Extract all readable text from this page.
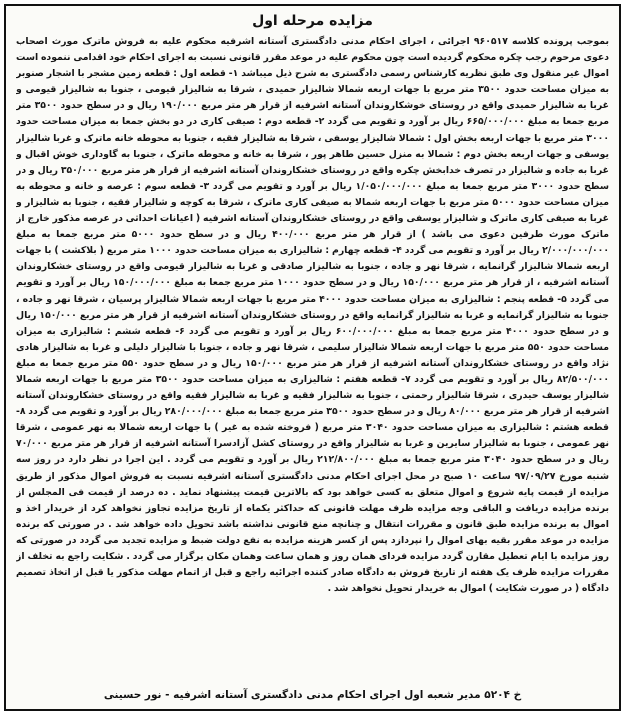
مزایده مرحله اول

بموجب پرونده کلاسه ۹۶۰۵۱۷ اجرائی ، اجرای احکام مدنی دادگستری آستانه اشرفیه محکوم علیه به فروش ماترک مورث اصحاب دعوی مرحوم رجب چکره محکوم گردیده است چون محکوم علیه در موعد مقرر قانونی نسبت به اجرای احکام خود اقدامی ننموده است اموال غیر منقول وی طبق نظریه کارشناس رسمی دادگستری به شرح ذیل میباشد ۱- قطعه اول : قطعه زمین مشجر با اشجار صنوبر به میزان مساحت حدود ۳۵۰۰ متر مربع با جهات اربعه شمالا شالیزار حمیدی ، شرقا به شالیزار قیومی ، جنوبا به شالیزار قیومی و غربا به شالیزار حمیدی واقع در روستای خوشکاروندان آستانه اشرفیه از قرار هر متر مربع ۱۹۰/۰۰۰ ریال و در سطح حدود ۳۵۰۰ متر مربع جمعا به مبلغ ۶۶۵/۰۰۰/۰۰۰ ریال بر آورد و تقویم می گردد ۲- قطعه دوم : صیفی کاری در دو بخش جمعا به میزان مساحت حدود ۳۰۰۰ متر مربع با جهات اربعه بخش اول : شمالا شالیزار یوسفی ، شرقا به شالیزار فقیه ، جنوبا به محوطه خانه ماترک و غربا شالیزار یوسفی و جهات اربعه بخش دوم : شمالا به منزل حسین طاهر پور ، شرقا به خانه و محوطه ماترک ، جنوبا به گاوداری خوش اقبال و غربا به جاده و شالیزار در تصرف خدابخش چکره واقع در روستای خشکاروندان آستانه اشرفیه از قرار هر متر مربع ۳۵۰/۰۰۰ ریال و در سطح حدود ۳۰۰۰ متر مربع جمعا به مبلغ ۱/۰۵۰/۰۰۰/۰۰۰ ریال بر آورد و تقویم می گردد ۳- قطعه سوم : عرصه و خانه و محوطه به میزان مساحت حدود ۵۰۰۰ متر مربع با جهات اربعه شمالا به صیفی کاری ماترک ، شرقا به کوچه و شالیزار فقیه ، جنوبا به شالیزار و غربا به صیفی کاری ماترک و شالیزار یوسفی واقع در روستای خشکاروندان آستانه اشرفیه ( اعیانات احداثی در عرصه مذکور خارج از ماترک مورث طرفین دعوی می باشد ) از قرار هر متر مربع ۴۰۰/۰۰۰ ریال و در سطح حدود ۵۰۰۰ متر مربع جمعا به مبلغ ۲/۰۰۰/۰۰۰/۰۰۰ ریال بر آورد و تقویم می گردد ۴- قطعه چهارم : شالیزاری به میزان مساحت حدود ۱۰۰۰ متر مربع ( بلاکشت ) با جهات اربعه شمالا شالیزار گرانمایه ، شرقا نهر و جاده ، جنوبا به شالیزار صادقی و غربا به شالیزار قیومی واقع در روستای خشکاروندان آستانه اشرفیه ، از قرار هر متر مربع ۱۵۰/۰۰۰ ریال و در سطح حدود ۱۰۰۰ متر مربع جمعا به مبلغ ۱۵۰/۰۰۰/۰۰۰ ریال بر آورد و تقویم می گردد ۵- قطعه پنجم : شالیزاری به میزان مساحت حدود ۴۰۰۰ متر مربع با جهات اربعه شمالا شالیزار پرسیان ، شرقا نهر و جاده ، جنوبا به شالیزار گرانمایه و غربا به شالیزار گرانمایه واقع در روستای خشکاروندان آستانه اشرفیه از قرار هر متر مربع ۱۵۰/۰۰۰ ریال و در سطح حدود ۴۰۰۰ متر مربع جمعا به مبلغ ۶۰۰/۰۰۰/۰۰۰ ریال بر آورد و تقویم می گردد ۶- قطعه ششم : شالیزاری به میزان مساحت حدود ۵۵۰ متر مربع با جهات اربعه شمالا شالیزار سلیمی ، شرقا نهر و جاده ، جنوبا با شالیزار دلیلی و غربا به شالیزار هادی نژاد واقع در روستای خشکاروندان آستانه اشرفیه از قرار هر متر مربع ۱۵۰/۰۰۰ ریال و در سطح حدود ۵۵۰ متر مربع جمعا به مبلغ ۸۲/۵۰۰/۰۰۰ ریال بر آورد و تقویم می گردد ۷- قطعه هفتم : شالیزاری به میزان مساحت حدود ۳۵۰۰ متر مربع با جهات اربعه شمالا شالیزار یوسف حیدری ، شرقا شالیزار رحمتی ، جنوبا به شالیزار فقیه و غربا به شالیزار فقیه واقع در روستای خشکاروندان آستانه اشرفیه از قرار هر متر مربع ۸۰/۰۰۰ ریال و در سطح حدود ۳۵۰۰ متر مربع جمعا به مبلغ ۲۸۰/۰۰۰/۰۰۰ ریال بر آورد و تقویم می گردد ۸- قطعه هشتم : شالیزاری به میزان مساحت حدود ۳۰۴۰ متر مربع ( فروخته شده به غیر ) با جهات اربعه شمالا به نهر عمومی ، شرقا نهر عمومی ، جنوبا به شالیزار سایرین و غربا به شالیزار واقع در روستای کشل آزادسرا آستانه اشرفیه از قرار هر متر مربع ۷۰/۰۰۰ ریال و در سطح حدود ۳۰۴۰ متر مربع جمعا به مبلغ ۲۱۲/۸۰۰/۰۰۰ ریال بر آورد و تقویم می گردد . این اجرا در نظر دارد در روز سه شنبه مورخ ۹۷/۰۹/۲۷ ساعت ۱۰ صبح در محل اجرای احکام مدنی دادگستری آستانه اشرفیه نسبت به فروش اموال مذکور از طریق مزایده از قیمت پایه شروع و اموال متعلق به کسی خواهد بود که بالاترین قیمت پیشنهاد نماید . ده درصد از قیمت فی المجلس از برنده مزایده دریافت و الباقی وجه مزایده ظرف مهلت قانونی که حداکثر یکماه از تاریخ مزایده تجاوز نخواهد کرد از خریدار اخذ و اموال به برنده مزایده طبق قانون و مقررات انتقال و چنانچه منع قانونی نداشته باشد تحویل داده خواهد شد . در صورتی که برنده مزایده در موعد مقرر بقیه بهای اموال را نپردازد پس از کسر هزینه مزایده به نفع دولت ضبط و مزایده تجدید می گردد در صورتی که روز مزایده با ایام تعطیل مقارن گردد مزایده فردای همان روز و همان ساعت وهمان مکان برگزار می گردد . شکایت راجع به تخلف از مقررات مزایده ظرف یک هفته از تاریخ فروش به دادگاه صادر کننده اجرائیه راجع و قبل از اتمام مهلت مذکور یا قبل از اتخاذ تصمیم دادگاه ( در صورت شکایت ) اموال به خریدار تحویل نخواهد شد .

خ ۵۲۰۴ مدیر شعبه اول اجرای احکام مدنی دادگستری آستانه اشرفیه - نور حسینی
